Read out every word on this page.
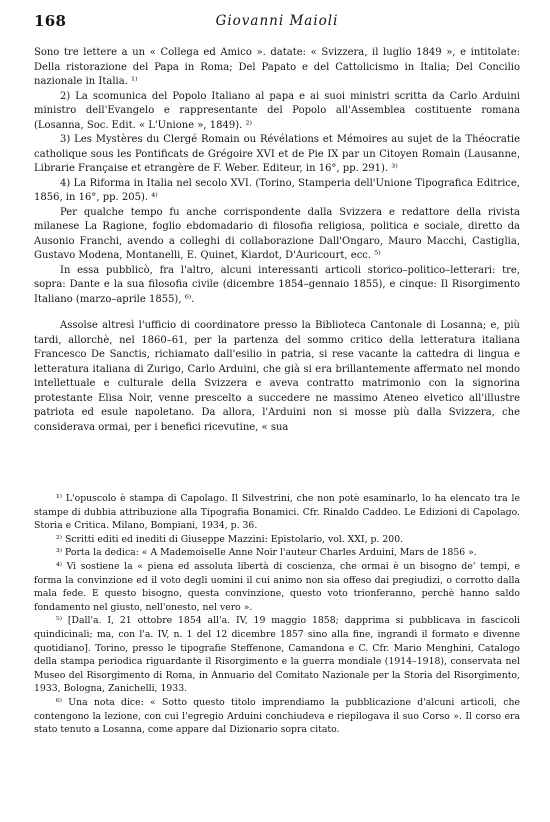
168	Giovanni Maioli

Sono tre lettere a un « Collega ed Amico ». datate: « Svizzera, il luglio 1849 », e intitolate: Della ristorazione del Papa in Roma; Del Papato e del Cattolicismo in Italia; Del Concilio nazionale in Italia. ¹⁾

2) La scomunica del Popolo Italiano al papa e ai suoi ministri scritta da Carlo Arduini ministro dell'Evangelo e rappresentante del Popolo all'Assemblea costituente romana (Losanna, Soc. Edit. « L'Unione », 1849). ²⁾

3) Les Mystères du Clergé Romain ou Révélations et Mémoires au sujet de la Théocratie catholique sous les Pontificats de Grégoire XVI et de Pie IX par un Citoyen Romain (Lausanne, Librarie Française et etrangère de F. Weber. Editeur, in 16°, pp. 291). ³⁾

4) La Riforma in Italia nel secolo XVI. (Torino, Stamperia dell'Unione Tipografica Editrice, 1856, in 16°, pp. 205). ⁴⁾

Per qualche tempo fu anche corrispondente dalla Svizzera e redattore della rivista milanese La Ragione, foglio ebdomadario di filosofia religiosa, politica e sociale, diretto da Ausonio Franchi, avendo a colleghi di collaborazione Dall'Ongaro, Mauro Macchi, Castiglia, Gustavo Modena, Montanelli, E. Quinet, Kiardot, D'Auricourt, ecc. ⁵⁾

In essa pubblicò, fra l'altro, alcuni interessanti articoli storico–politico–letterari: tre, sopra: Dante e la sua filosofia civile (dicembre 1854–gennaio 1855), e cinque: Il Risorgimento Italiano (marzo–aprile 1855), ⁶⁾.

Assolse altresì l'ufficio di coordinatore presso la Biblioteca Cantonale di Losanna; e, più tardi, allorchè, nel 1860–61, per la partenza del sommo critico della letteratura italiana Francesco De Sanctis, richiamato dall'esilio in patria, si rese vacante la cattedra di lingua e letteratura italiana di Zurigo, Carlo Arduini, che già si era brillantemente affermato nel mondo intellettuale e culturale della Svizzera e aveva contratto matrimonio con la signorina protestante Elisa Noir, venne prescelto a succedere ne massimo Ateneo elvetico all'illustre patriota ed esule napoletano. Da allora, l'Arduini non si mosse più dalla Svizzera, che considerava ormai, per i benefici ricevutine, « sua

¹⁾ L'opuscolo è stampa di Capolago. Il Silvestrini, che non potè esaminarlo, lo ha elencato tra le stampe di dubbia attribuzione alla Tipografia Bonamici. Cfr. Rinaldo Caddeo. Le Edizioni di Capolago. Storia e Critica. Milano, Bompiani, 1934, p. 36.

²⁾ Scritti editi ed inediti di Giuseppe Mazzini: Epistolario, vol. XXI, p. 200.

³⁾ Porta la dedica: « A Mademoiselle Anne Noir l'auteur Charles Arduini, Mars de 1856 ».

⁴⁾ Vi sostiene la « piena ed assoluta libertà di coscienza, che ormai è un bisogno de' tempi, e forma la convinzione ed il voto degli uomini il cui animo non sia offeso dai pregiudizi, o corrotto dalla mala fede. E questo bisogno, questa convinzione, questo voto trionferanno, perchè hanno saldo fondamento nel giusto, nell'onesto, nel vero ».

⁵⁾ [Dall'a. I, 21 ottobre 1854 all'a. IV, 19 maggio 1858; dapprima si pubblicava in fascicoli quindicinali; ma, con l'a. IV, n. 1 del 12 dicembre 1857 sino alla fine, ingrandì il formato e divenne quotidiano]. Torino, presso le tipografie Steffenone, Camandona e C. Cfr. Mario Menghini, Catalogo della stampa periodica riguardante il Risorgimento e la guerra mondiale (1914–1918), conservata nel Museo del Risorgimento di Roma, in Annuario del Comitato Nazionale per la Storia del Risorgimento, 1933, Bologna, Zanichelli, 1933.

⁶⁾ Una nota dice: « Sotto questo titolo imprendiamo la pubblicazione d'alcuni articoli, che contengono la lezione, con cui l'egregio Arduini conchiudeva e riepilogava il suo Corso ». Il corso era stato tenuto a Losanna, come appare dal Dizionario sopra citato.
